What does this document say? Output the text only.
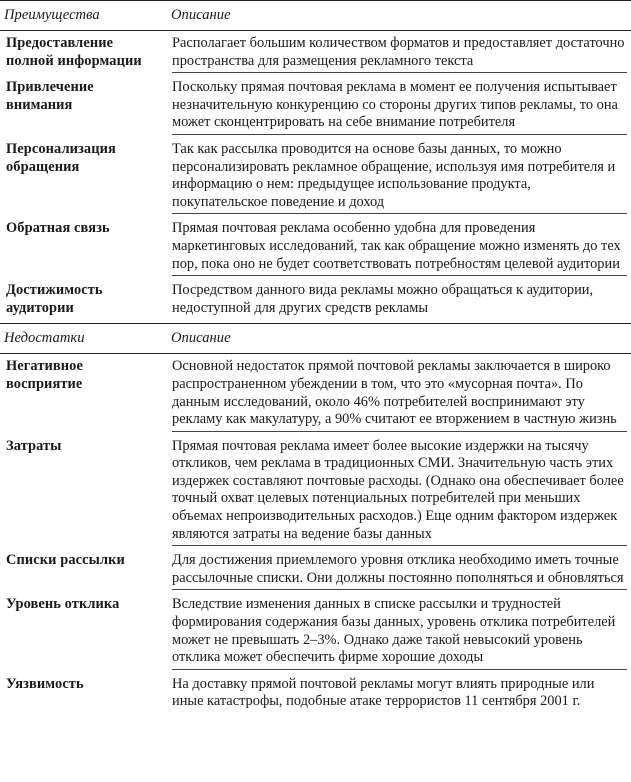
Преимущества	Описание
Предоставление полной информации	Располагает большим количеством форматов и предоставляет достаточно пространства для размещения рекламного текста

Привлечение внимания	Поскольку прямая почтовая реклама в момент ее получения испытывает незначительную конкуренцию со стороны других типов рекламы, то она может сконцентрировать на себе внимание потребителя

Персонализация обращения	Так как рассылка проводится на основе базы данных, то можно персонализировать рекламное обращение, используя имя потребителя и информацию о нем: предыдущее использование продукта, покупательское поведение и доход

Обратная связь	Прямая почтовая реклама особенно удобна для проведения маркетинговых исследований, так как обращение можно изменять до тех пор, пока оно не будет соответствовать потребностям целевой аудитории

Достижимость аудитории	Посредством данного вида рекламы можно обращаться к аудитории, недоступной для других средств рекламы

Недостатки	Описание
Негативное восприятие	Основной недостаток прямой почтовой рекламы заключается в широко распространенном убеждении в том, что это «мусорная почта». По данным исследований, около 46% потребителей воспринимают эту рекламу как макулатуру, а 90% считают ее вторжением в частную жизнь

Затраты	Прямая почтовая реклама имеет более высокие издержки на тысячу откликов, чем реклама в традиционных СМИ. Значительную часть этих издержек составляют почтовые расходы. (Однако она обеспечивает более точный охват целевых потенциальных потребителей при меньших объемах непроизводительных расходов.) Еще одним фактором издержек являются затраты на ведение базы данных

Списки рассылки	Для достижения приемлемого уровня отклика необходимо иметь точные рассылочные списки. Они должны постоянно пополняться и обновляться

Уровень отклика	Вследствие изменения данных в списке рассылки и трудностей формирования содержания базы данных, уровень отклика потребителей может не превышать 2–3%. Однако даже такой невысокий уровень отклика может обеспечить фирме хорошие доходы

Уязвимость	На доставку прямой почтовой рекламы могут влиять природные или иные катастрофы, подобные атаке террористов 11 сентября 2001 г.
